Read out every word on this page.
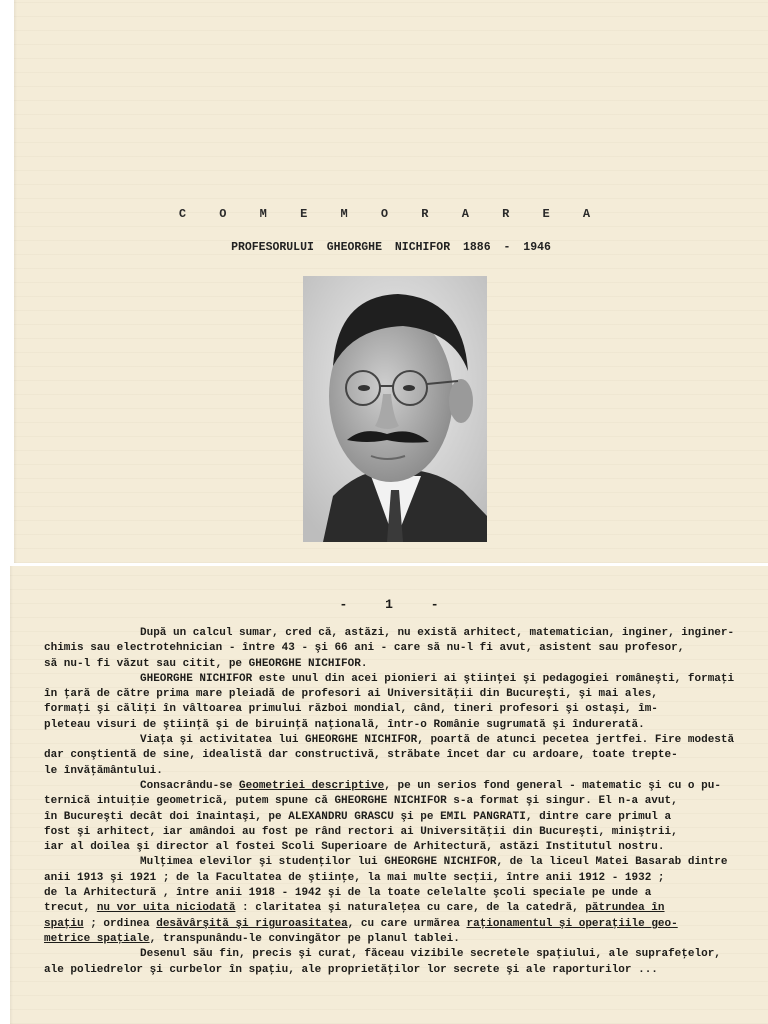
C O M E M O R A R E A
PROFESORULUI GHEORGHE NICHIFOR 1886 - 1946
- 1 -
După un calcul sumar, cred că, astăzi, nu există arhitect, matematician, inginer, inginer-
chimis sau electrotehnician - între 43 - şi 66 ani - care să nu-l fi avut, asistent sau profesor,
să nu-l fi văzut sau citit, pe GHEORGHE NICHIFOR.
GHEORGHE NICHIFOR este unul din acei pionieri ai ştiinţei şi pedagogiei româneşti, formaţi
în ţară de către prima mare pleiadă de profesori ai Universităţii din Bucureşti, şi mai ales,
formaţi şi căliţi în vâltoarea primului război mondial, când, tineri profesori şi ostaşi, îm-
pleteau visuri de ştiinţă şi de biruinţă naţională, într-o Românie sugrumată şi îndurerată.
Viaţa şi activitatea lui GHEORGHE NICHIFOR, poartă de atunci pecetea jertfei. Fire modestă
dar conştientă de sine, idealistă dar constructivă, străbate încet dar cu ardoare, toate trepte-
le învăţământului.
Consacrându-se Geometriei descriptive, pe un serios fond general - matematic şi cu o pu-
ternică intuiţie geometrică, putem spune că GHEORGHE NICHIFOR s-a format şi singur. El n-a avut,
în Bucureşti decât doi înaintaşi, pe ALEXANDRU GRASCU şi pe EMIL PANGRATI, dintre care primul a
fost şi arhitect, iar amândoi au fost pe rând rectori ai Universităţii din Bucureşti, miniştrii,
iar al doilea şi director al fostei Scoli Superioare de Arhitectură, astăzi Institutul nostru.
Mulţimea elevilor şi studenţilor lui GHEORGHE NICHIFOR, de la liceul Matei Basarab dintre
anii 1913 şi 1921 ; de la Facultatea de ştiinţe, la mai multe secţii, între anii 1912 - 1932 ;
de la Arhitectură , între anii 1918 - 1942 şi de la toate celelalte şcoli speciale pe unde a
trecut, nu vor uita niciodată : claritatea şi naturaleţea cu care, de la catedră, pătrundea în
spaţiu ; ordinea desăvârşită şi riguroasitatea, cu care urmărea raţionamentul şi operaţiile geo-
metrice spaţiale, transpunându-le convingător pe planul tablei.
Desenul său fin, precis şi curat, făceau vizibile secretele spaţiului, ale suprafeţelor,
ale poliedrelor şi curbelor în spaţiu, ale proprietăţilor lor secrete şi ale raporturilor ...
